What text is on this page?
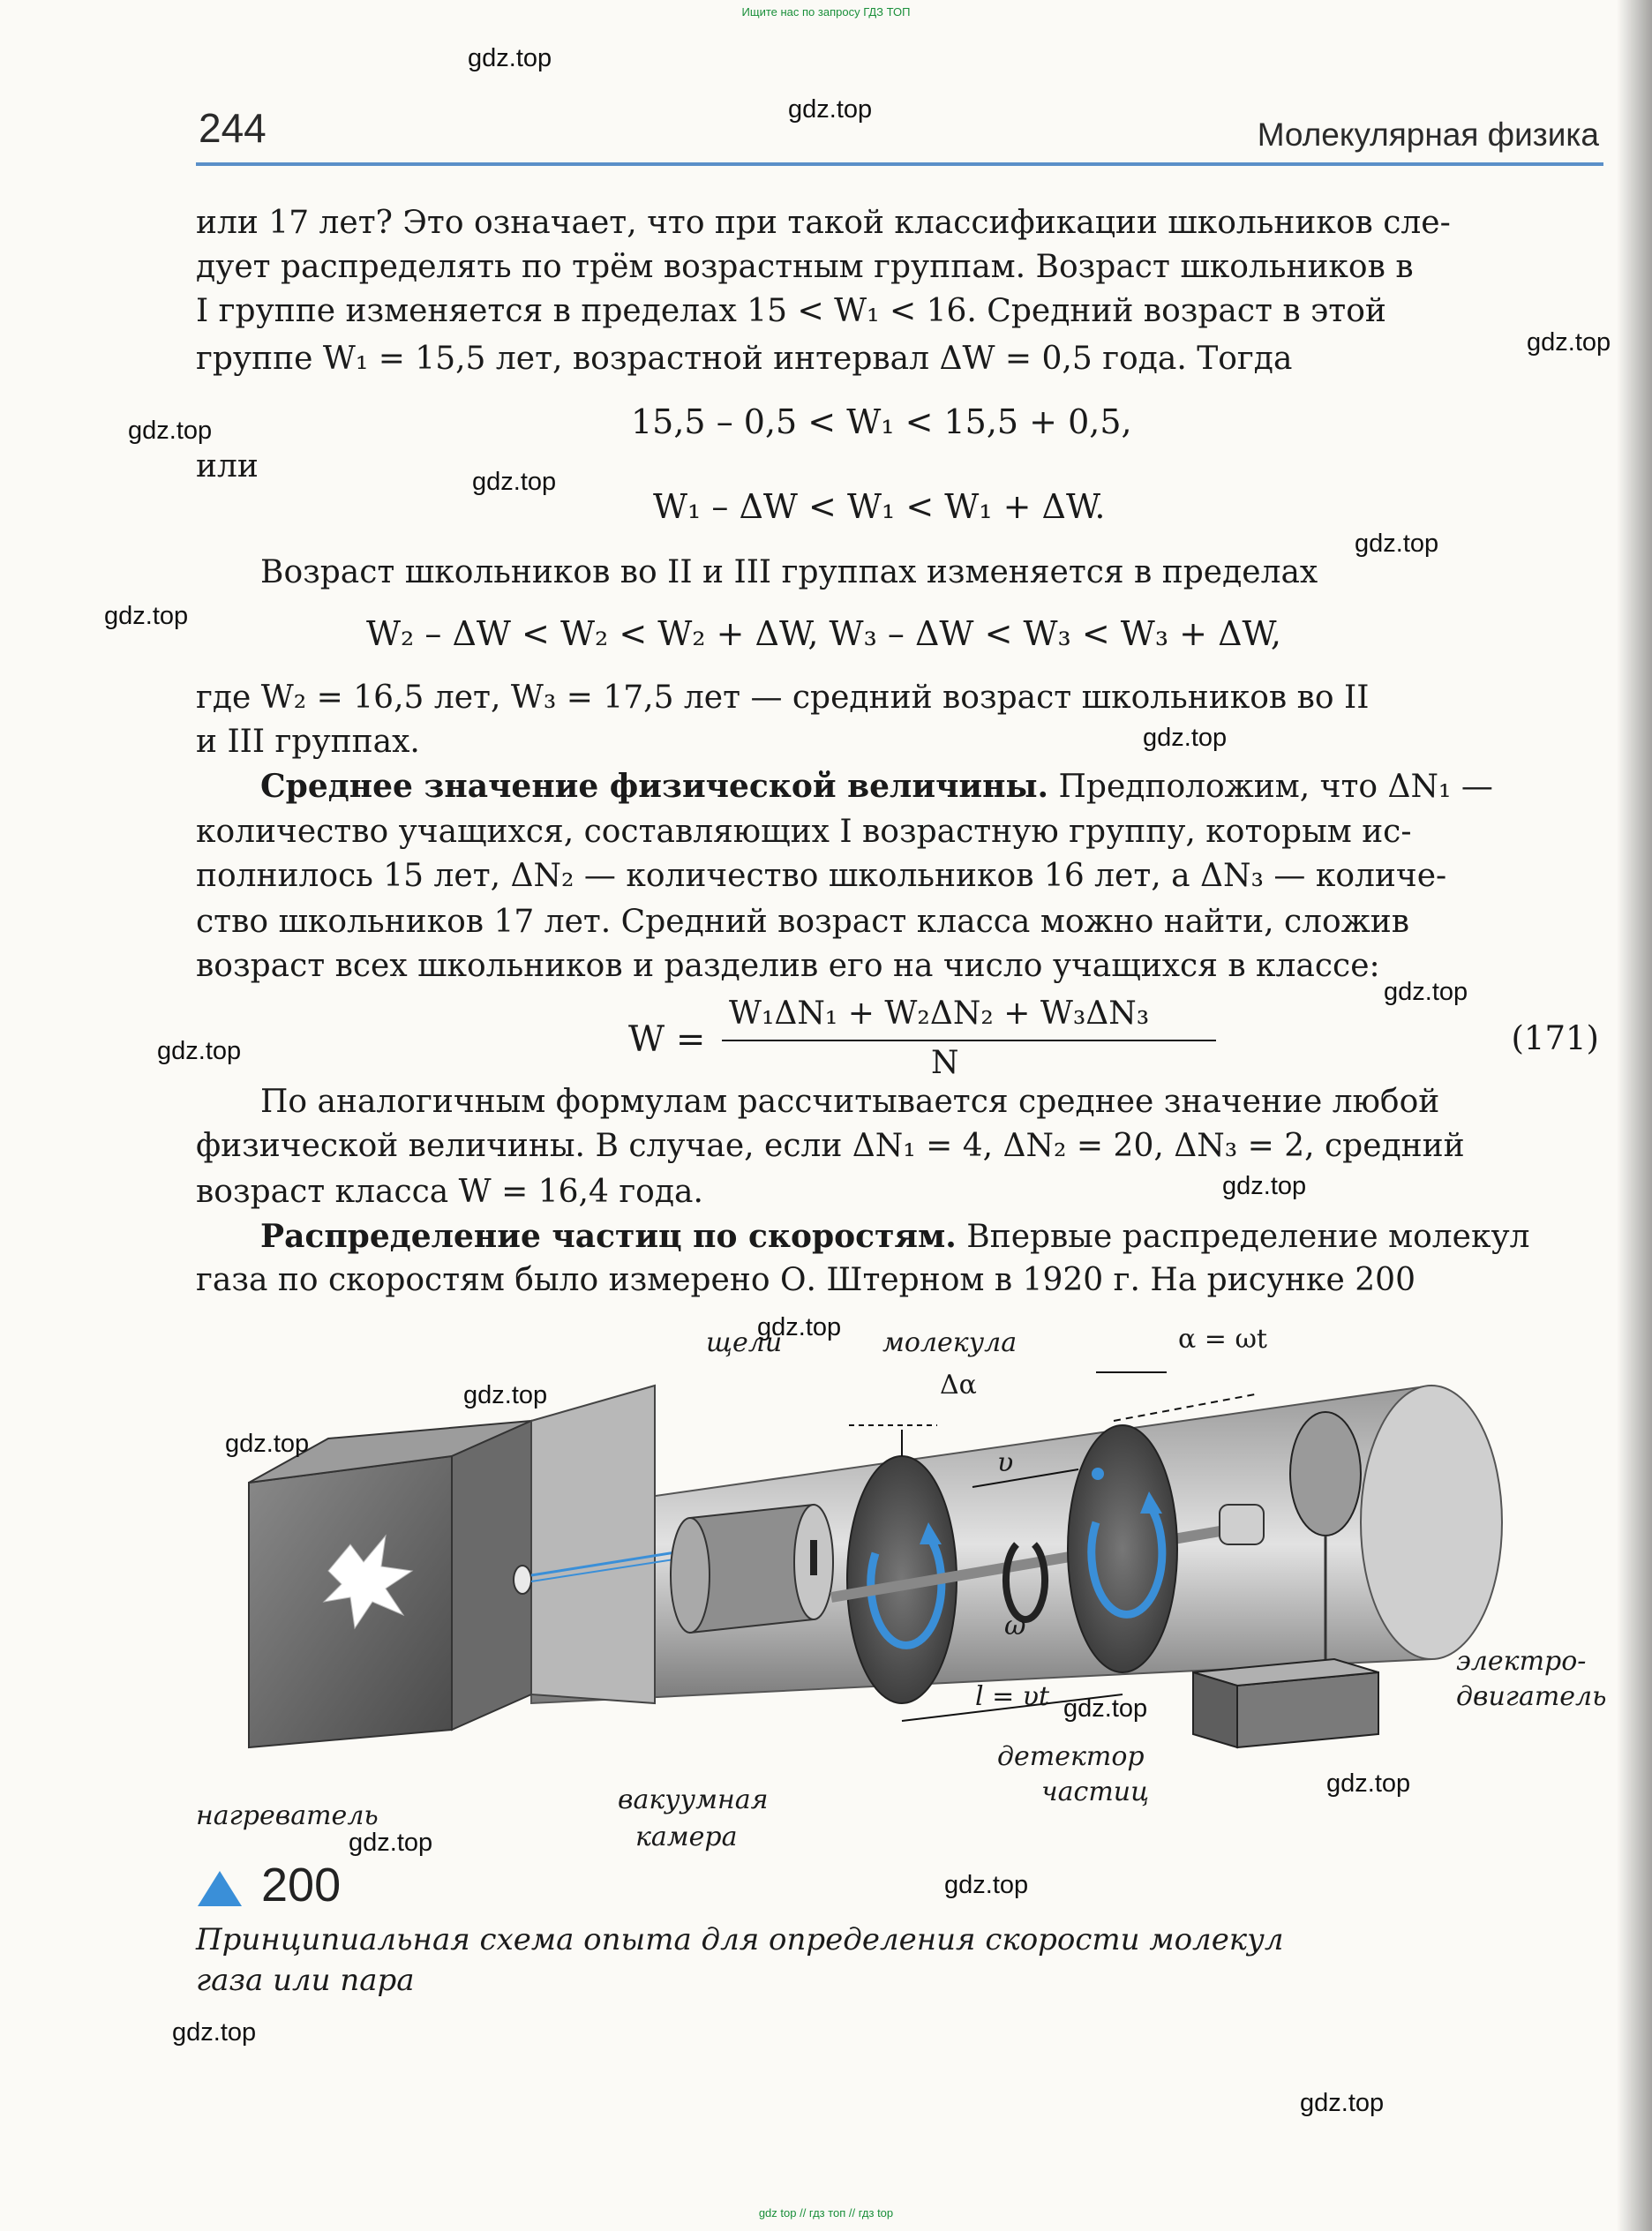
Ищите нас по запросу ГДЗ ТОП
244	Молекулярная физика
или 17 лет? Это означает, что при такой классификации школьников сле-
дует распределять по трём возрастным группам. Возраст школьников в
I группе изменяется в пределах 15 < W₁ < 16. Средний возраст в этой
группе W₁ = 15,5 лет, возрастной интервал ΔW = 0,5 года. Тогда
15,5 – 0,5 < W₁ < 15,5 + 0,5,
или
W₁ – ΔW < W₁ < W₁ + ΔW.
Возраст школьников во II и III группах изменяется в пределах
W₂ – ΔW < W₂ < W₂ + ΔW, W₃ – ΔW < W₃ < W₃ + ΔW,
где W₂ = 16,5 лет, W₃ = 17,5 лет — средний возраст школьников во II
и III группах.
Среднее значение физической величины. Предположим, что ΔN₁ —
количество учащихся, составляющих I возрастную группу, которым ис-
полнилось 15 лет, ΔN₂ — количество школьников 16 лет, а ΔN₃ — количе-
ство школьников 17 лет. Средний возраст класса можно найти, сложив
возраст всех школьников и разделив его на число учащихся в классе:
W =
W₁ΔN₁ + W₂ΔN₂ + W₃ΔN₃
N
(171)
По аналогичным формулам рассчитывается среднее значение любой
физической величины. В случае, если ΔN₁ = 4, ΔN₂ = 20, ΔN₃ = 2, средний
возраст класса W = 16,4 года.
Распределение частиц по скоростям. Впервые распределение молекул
газа по скоростям было измерено О. Штерном в 1920 г. На рисунке 200
щели	молекула	α = ωt
Δα
υ
ω
l = υt
электро-
двигатель
детектор
частиц
вакуумная
камера
нагреватель
200
Принципиальная схема опыта для определения скорости молекул
газа или пара
gdz.top
gdz.top
gdz.top
gdz.top
gdz.top
gdz.top
gdz.top
gdz.top
gdz.top
gdz.top
gdz.top
gdz.top
gdz.top
gdz.top
gdz.top
gdz.top
gdz.top
gdz.top
gdz.top
gdz.top
gdz top // гдз топ // гдз top
